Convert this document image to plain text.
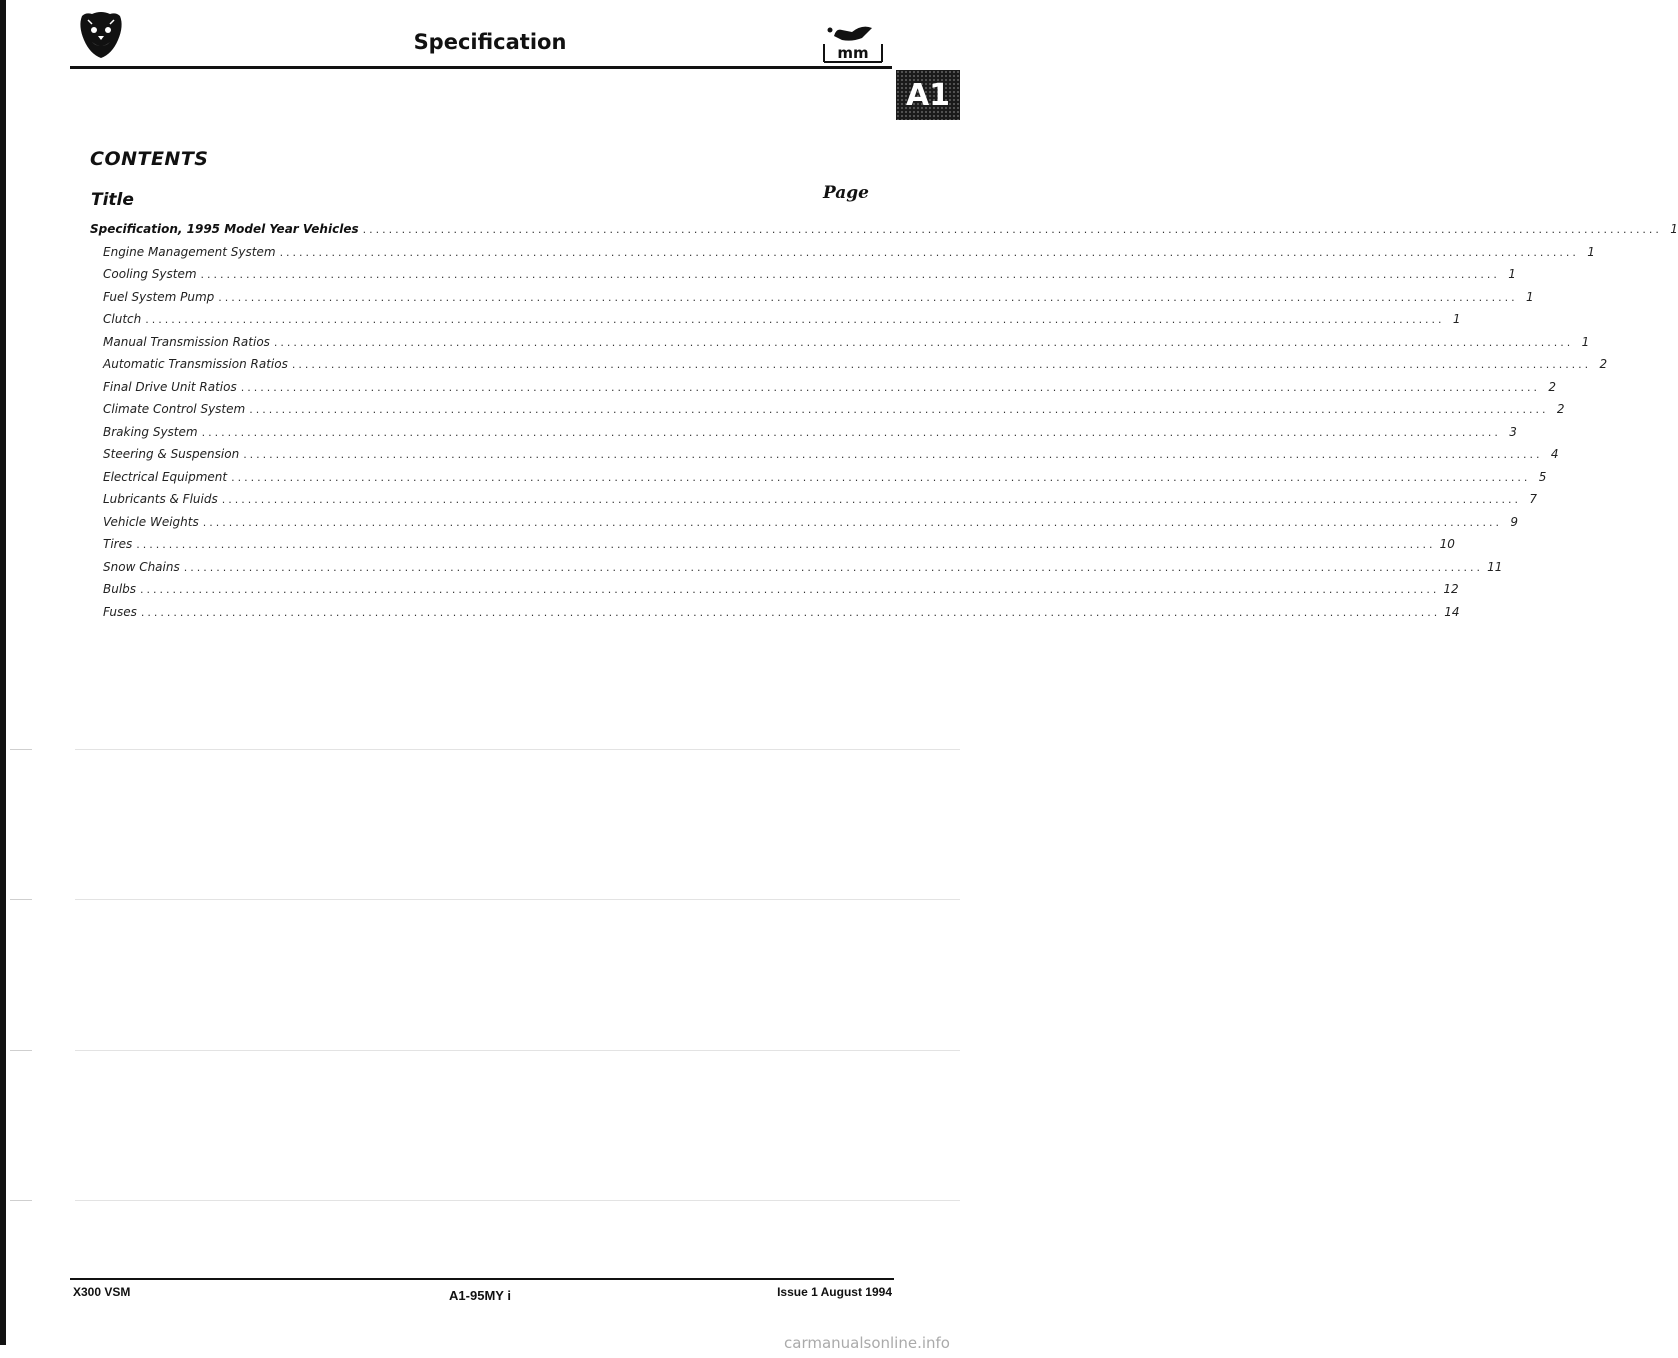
Specification	mm
A1
CONTENTS
Title	Page
Specification, 1995 Model Year Vehicles ........................................................................................................................................................................................................ 1
Engine Management System ........................................................................................................................................................................................................ 1
Cooling System ........................................................................................................................................................................................................ 1
Fuel System Pump ........................................................................................................................................................................................................ 1
Clutch ........................................................................................................................................................................................................ 1
Manual Transmission Ratios ........................................................................................................................................................................................................ 1
Automatic Transmission Ratios ........................................................................................................................................................................................................ 2
Final Drive Unit Ratios ........................................................................................................................................................................................................ 2
Climate Control System ........................................................................................................................................................................................................ 2
Braking System ........................................................................................................................................................................................................ 3
Steering & Suspension ........................................................................................................................................................................................................ 4
Electrical Equipment ........................................................................................................................................................................................................ 5
Lubricants & Fluids ........................................................................................................................................................................................................ 7
Vehicle Weights ........................................................................................................................................................................................................ 9
Tires ........................................................................................................................................................................................................ 10
Snow Chains ........................................................................................................................................................................................................ 11
Bulbs ........................................................................................................................................................................................................ 12
Fuses ........................................................................................................................................................................................................ 14
X300 VSM	A1-95MY i	Issue 1 August 1994
carmanualsonline.info
